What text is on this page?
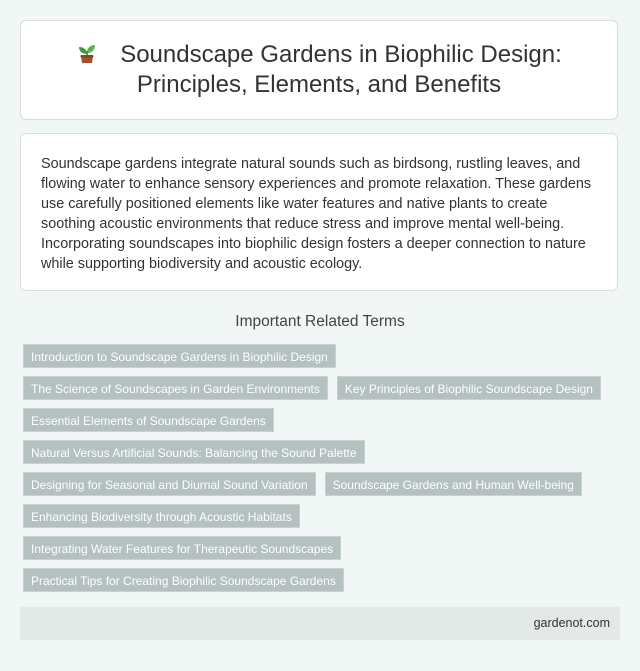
Soundscape Gardens in Biophilic Design: Principles, Elements, and Benefits

Soundscape gardens integrate natural sounds such as birdsong, rustling leaves, and flowing water to enhance sensory experiences and promote relaxation. These gardens use carefully positioned elements like water features and native plants to create soothing acoustic environments that reduce stress and improve mental well-being. Incorporating soundscapes into biophilic design fosters a deeper connection to nature while supporting biodiversity and acoustic ecology.

Important Related Terms
Introduction to Soundscape Gardens in Biophilic Design
The Science of Soundscapes in Garden Environments	Key Principles of Biophilic Soundscape Design
Essential Elements of Soundscape Gardens
Natural Versus Artificial Sounds: Balancing the Sound Palette
Designing for Seasonal and Diurnal Sound Variation	Soundscape Gardens and Human Well-being
Enhancing Biodiversity through Acoustic Habitats
Integrating Water Features for Therapeutic Soundscapes
Practical Tips for Creating Biophilic Soundscape Gardens
gardenot.com
